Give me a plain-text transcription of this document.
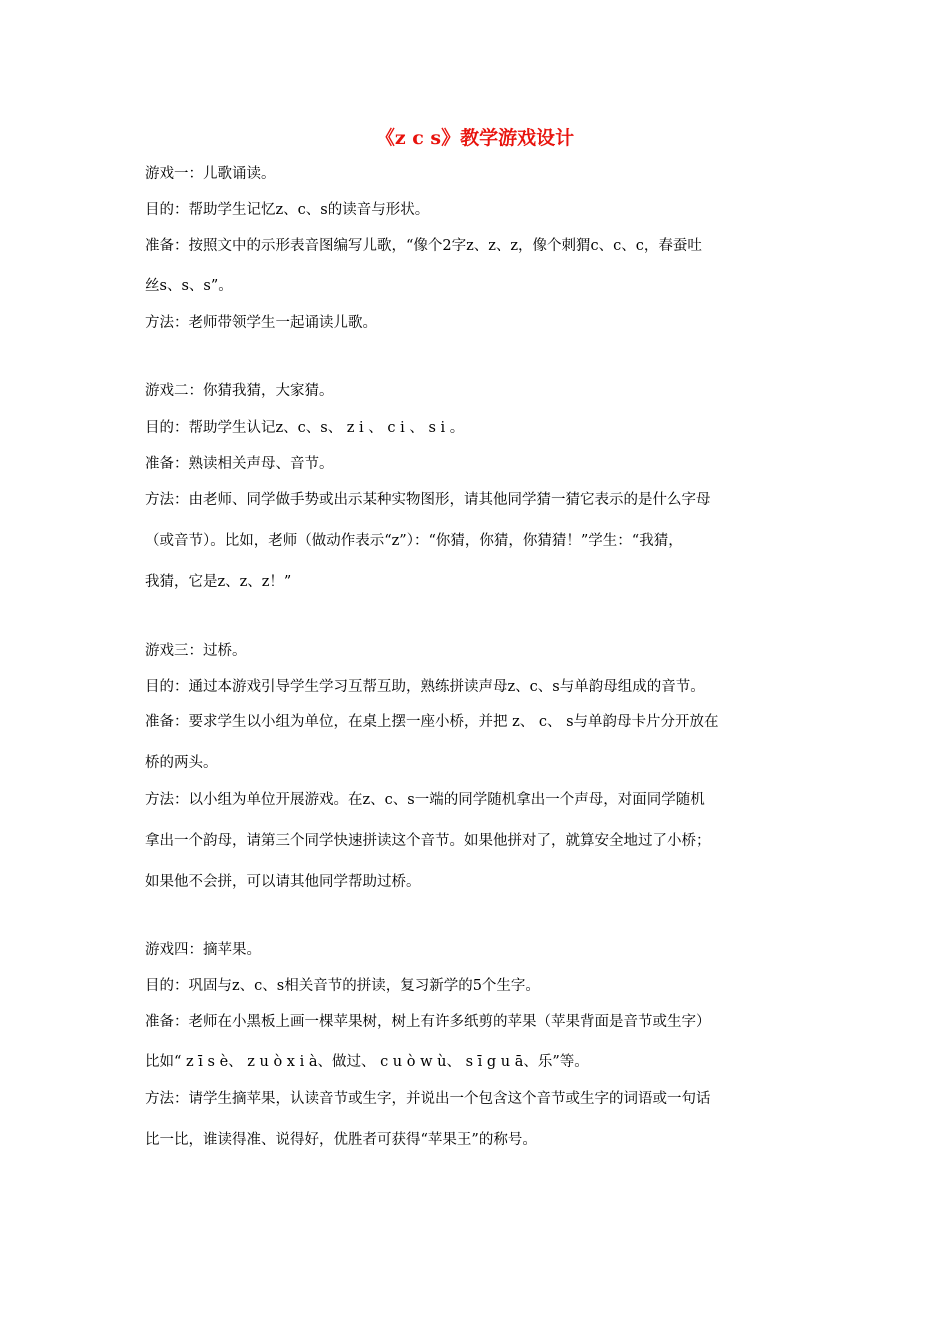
《z c s》教学游戏设计
游戏一：儿歌诵读。
目的：帮助学生记忆z、c、s的读音与形状。
准备：按照文中的示形表音图编写儿歌，“像个2字z、z、z，像个刺猬c、c、c，春蚕吐
丝s、s、s”。
方法：老师带领学生一起诵读儿歌。
游戏二：你猜我猜，大家猜。
目的：帮助学生认记z、c、s、 z i 、 c i 、 s i 。
准备：熟读相关声母、音节。
方法：由老师、同学做手势或出示某种实物图形，请其他同学猜一猜它表示的是什么字母
（或音节）。比如，老师（做动作表示“z”）：“你猜，你猜，你猜猜！”学生：“我猜，
我猜，它是z、z、z！”
游戏三：过桥。
目的：通过本游戏引导学生学习互帮互助，熟练拼读声母z、c、s与单韵母组成的音节。
准备：要求学生以小组为单位，在桌上摆一座小桥，并把 z、 c、 s与单韵母卡片分开放在
桥的两头。
方法：以小组为单位开展游戏。在z、c、s一端的同学随机拿出一个声母，对面同学随机
拿出一个韵母，请第三个同学快速拼读这个音节。如果他拼对了，就算安全地过了小桥；
如果他不会拼，可以请其他同学帮助过桥。
游戏四：摘苹果。
目的：巩固与z、c、s相关音节的拼读，复习新学的5个生字。
准备：老师在小黑板上画一棵苹果树，树上有许多纸剪的苹果（苹果背面是音节或生字）
比如“ z ī s è、 z u ò x i à、做过、 c u ò w ù、 s ī g u ā、乐”等。
方法：请学生摘苹果，认读音节或生字，并说出一个包含这个音节或生字的词语或一句话
比一比，谁读得准、说得好，优胜者可获得“苹果王”的称号。
